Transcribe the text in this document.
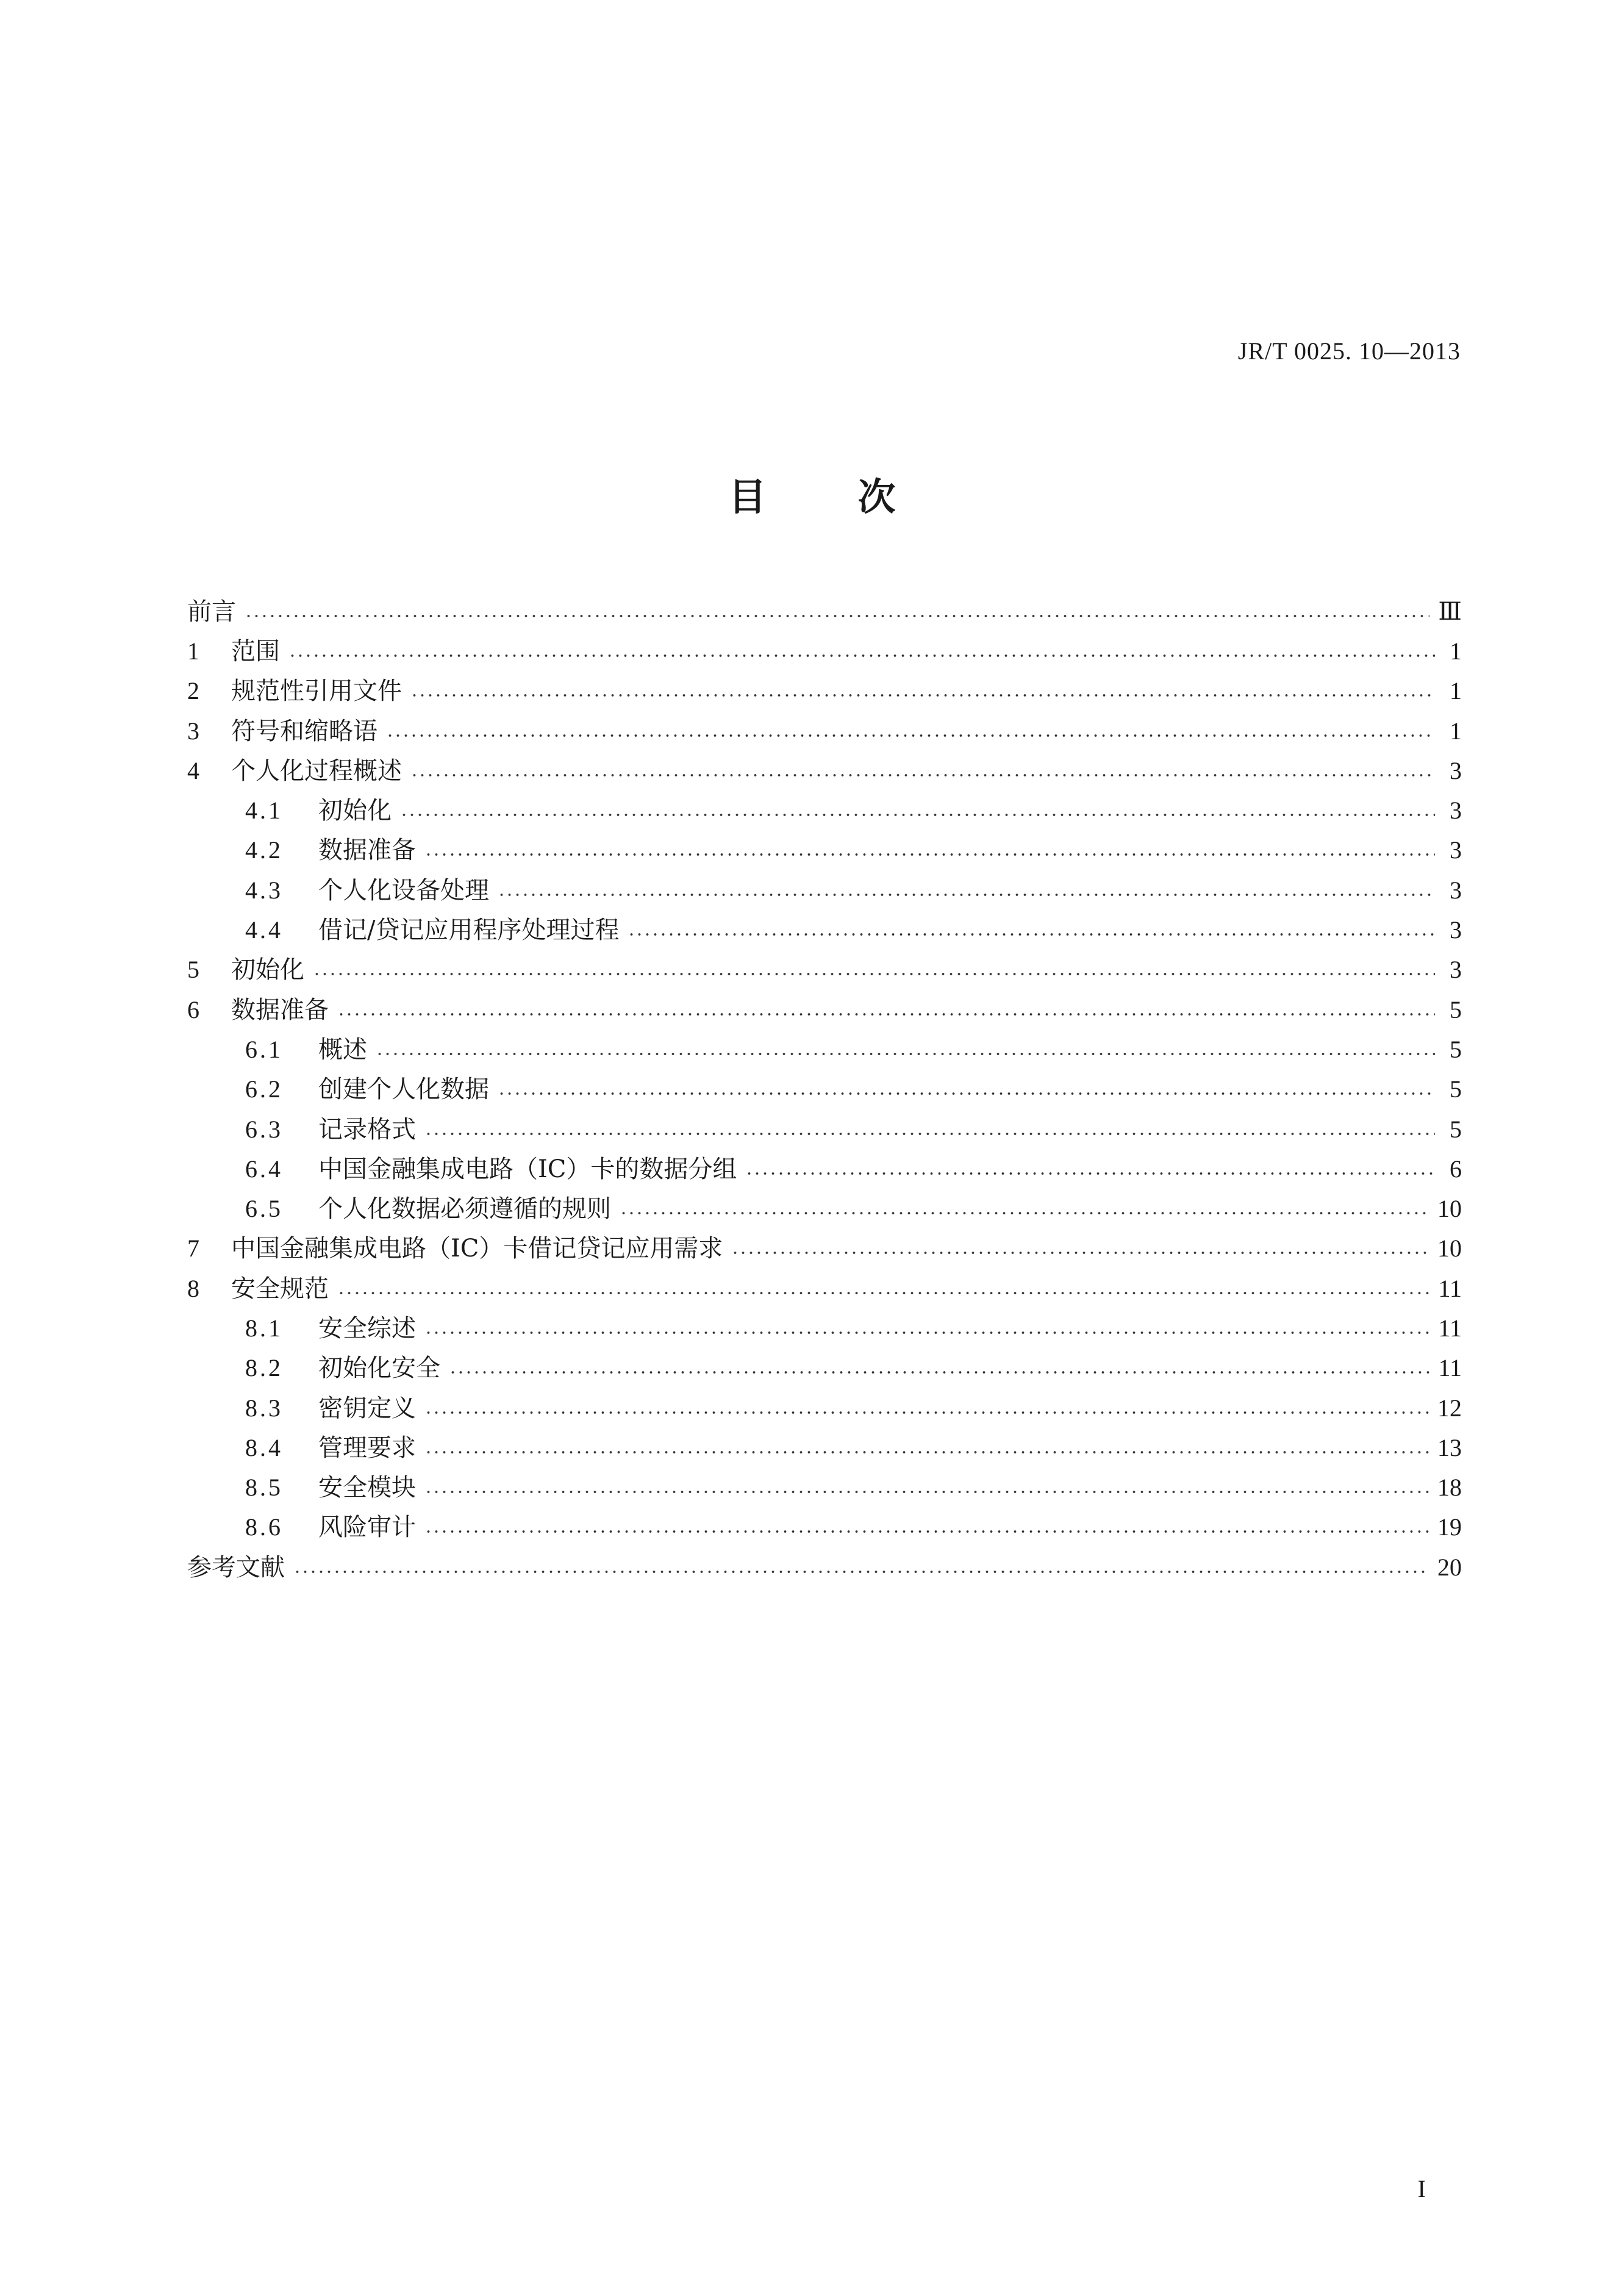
JR/T 0025. 10—2013
目 次
前言	Ⅲ
1	范围	1
2	规范性引用文件	1
3	符号和缩略语	1
4	个人化过程概述	3
4.1	初始化	3
4.2	数据准备	3
4.3	个人化设备处理	3
4.4	借记/贷记应用程序处理过程	3
5	初始化	3
6	数据准备	5
6.1	概述	5
6.2	创建个人化数据	5
6.3	记录格式	5
6.4	中国金融集成电路（IC）卡的数据分组	6
6.5	个人化数据必须遵循的规则	10
7	中国金融集成电路（IC）卡借记贷记应用需求	10
8	安全规范	11
8.1	安全综述	11
8.2	初始化安全	11
8.3	密钥定义	12
8.4	管理要求	13
8.5	安全模块	18
8.6	风险审计	19
参考文献	20
I
